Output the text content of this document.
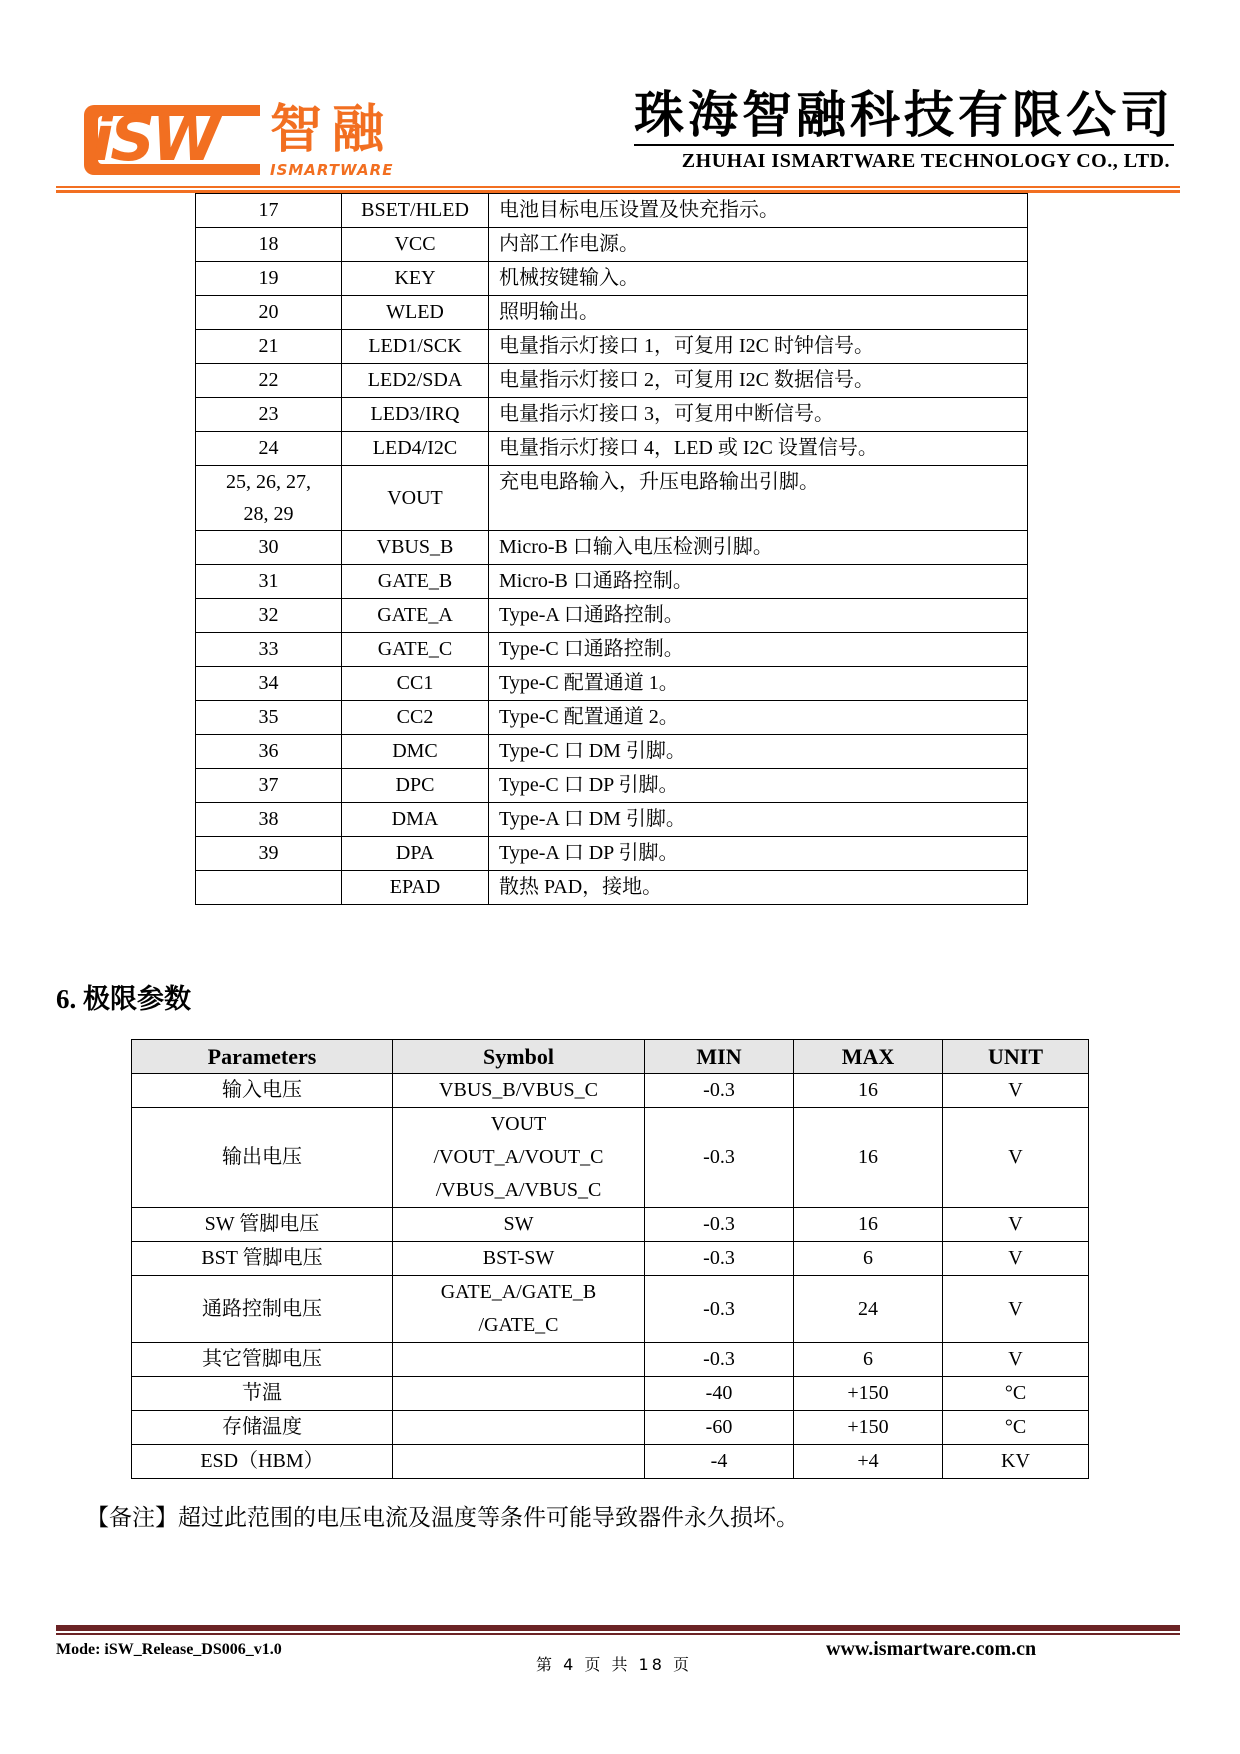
iSW 智融
ISMARTWARE
珠海智融科技有限公司
ZHUHAI ISMARTWARE TECHNOLOGY CO., LTD.
17	BSET/HLED	电池目标电压设置及快充指示。
18	VCC	内部工作电源。
19	KEY	机械按键输入。
20	WLED	照明输出。
21	LED1/SCK	电量指示灯接口 1，可复用 I2C 时钟信号。
22	LED2/SDA	电量指示灯接口 2，可复用 I2C 数据信号。
23	LED3/IRQ	电量指示灯接口 3，可复用中断信号。
24	LED4/I2C	电量指示灯接口 4，LED 或 I2C 设置信号。

25, 26, 27,
28, 29	VOUT	充电电路输入，升压电路输出引脚。
30	VBUS_B	Micro-B 口输入电压检测引脚。
31	GATE_B	Micro-B 口通路控制。
32	GATE_A	Type-A 口通路控制。
33	GATE_C	Type-C 口通路控制。
34	CC1	Type-C 配置通道 1。
35	CC2	Type-C 配置通道 2。
36	DMC	Type-C 口 DM 引脚。
37	DPC	Type-C 口 DP 引脚。
38	DMA	Type-A 口 DM 引脚。
39	DPA	Type-A 口 DP 引脚。
	EPAD	散热 PAD，接地。
6. 极限参数
Parameters	Symbol	MIN	MAX	UNIT
输入电压	VBUS_B/VBUS_C	-0.3	16	V
输出电压	VOUT
/VOUT_A/VOUT_C
/VBUS_A/VBUS_C	-0.3	16	V
SW 管脚电压	SW	-0.3	16	V
BST 管脚电压	BST-SW	-0.3	6	V
通路控制电压	GATE_A/GATE_B
/GATE_C	-0.3	24	V
其它管脚电压		-0.3	6	V
节温		-40	+150	°C
存储温度		-60	+150	°C
ESD（HBM）		-4	+4	KV
【备注】超过此范围的电压电流及温度等条件可能导致器件永久损坏。
Mode: iSW_Release_DS006_v1.0
第 4 页 共 18 页
www.ismartware.com.cn
